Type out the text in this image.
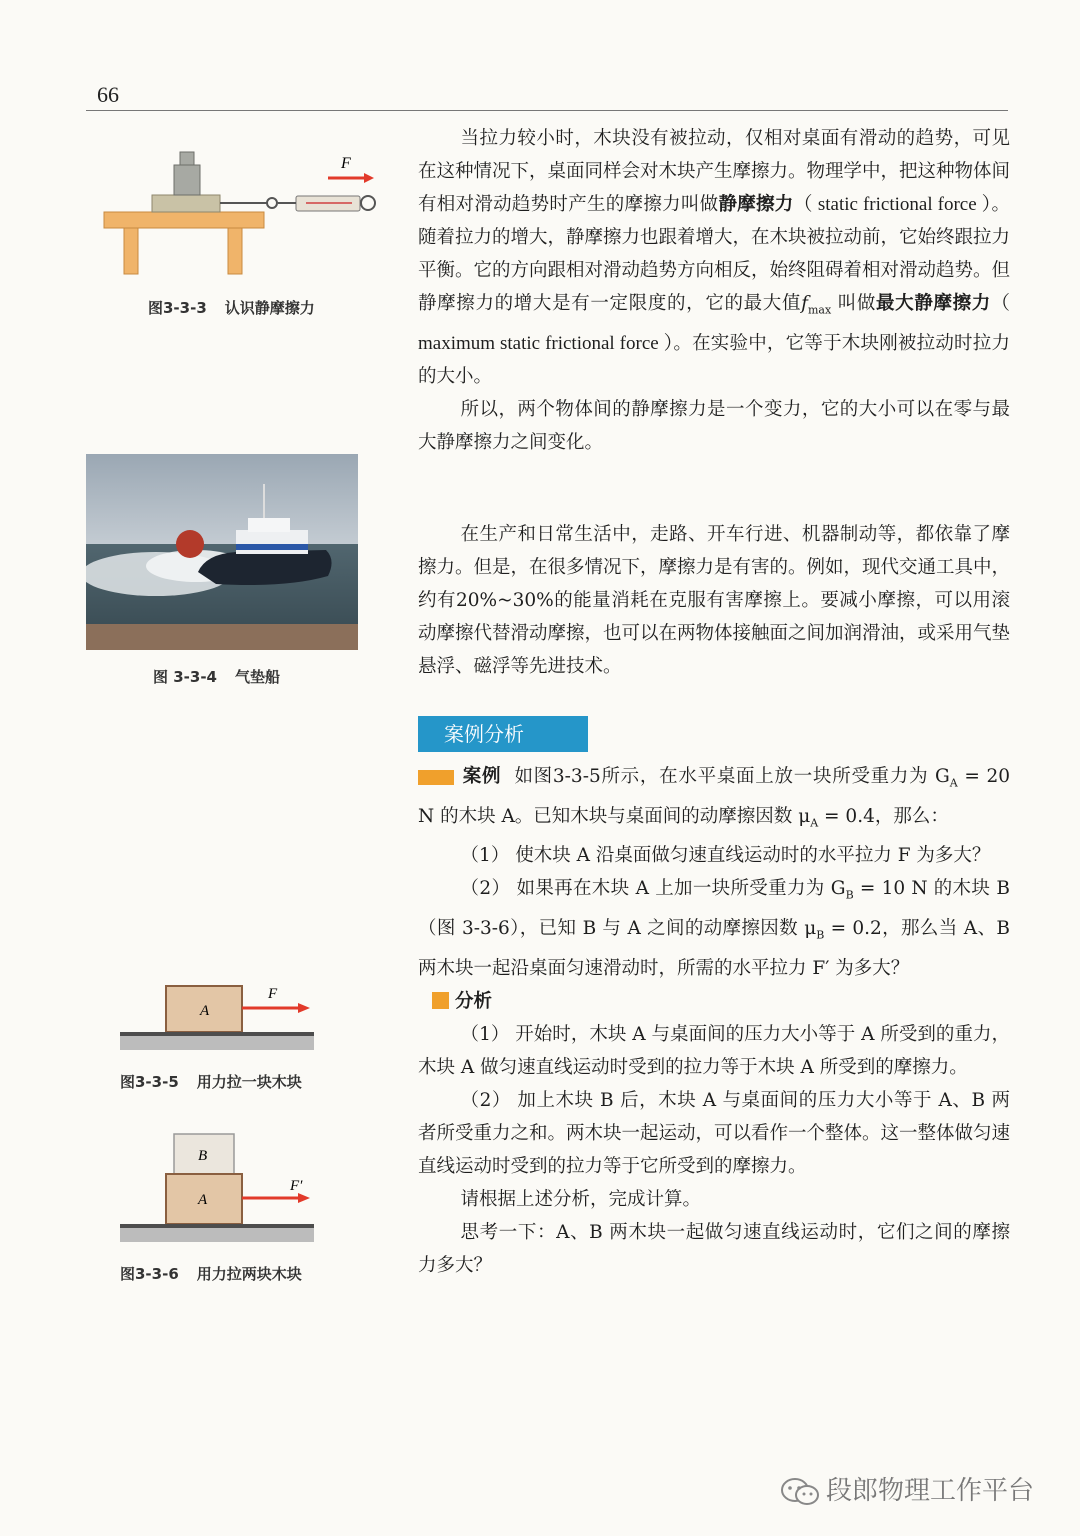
66
F
图3-3-3 认识静摩擦力
图 3-3-4 气垫船
A
F
图3-3-5 用力拉一块木块
B
A
F′
图3-3-6 用力拉两块木块

当拉力较小时，木块没有被拉动，仅相对桌面有滑动的趋势，可见在这种情况下，桌面同样会对木块产生摩擦力。物理学中，把这种物体间有相对滑动趋势时产生的摩擦力叫做静摩擦力（ static frictional force ）。随着拉力的增大，静摩擦力也跟着增大，在木块被拉动前，它始终跟拉力平衡。它的方向跟相对滑动趋势方向相反，始终阻碍着相对滑动趋势。但静摩擦力的增大是有一定限度的，它的最大值$f_{max}$ 叫做最大静摩擦力（ maximum static frictional force ）。在实验中，它等于木块刚被拉动时拉力的大小。

所以，两个物体间的静摩擦力是一个变力，它的大小可以在零与最大静摩擦力之间变化。

在生产和日常生活中，走路、开车行进、机器制动等，都依靠了摩擦力。但是，在很多情况下，摩擦力是有害的。例如，现代交通工具中，约有20%~30%的能量消耗在克服有害摩擦上。要减小摩擦，可以用滚动摩擦代替滑动摩擦，也可以在两物体接触面之间加润滑油，或采用气垫悬浮、磁浮等先进技术。

案例分析

案例 如图3-3-5所示，在水平桌面上放一块所受重力为 $G_A = 20$ N 的木块 A。已知木块与桌面间的动摩擦因数 $\mu_A = 0.4$，那么：

（1） 使木块 A 沿桌面做匀速直线运动时的水平拉力 F 为多大？

（2） 如果再在木块 A 上加一块所受重力为 $G_B = 10$ N 的木块 B（图 3-3-6），已知 B 与 A 之间的动摩擦因数 $\mu_B = 0.2$，那么当 A、B 两木块一起沿桌面匀速滑动时，所需的水平拉力 F′ 为多大？

分析

（1） 开始时，木块 A 与桌面间的压力大小等于 A 所受到的重力，木块 A 做匀速直线运动时受到的拉力等于木块 A 所受到的摩擦力。

（2） 加上木块 B 后，木块 A 与桌面间的压力大小等于 A、B 两者所受重力之和。两木块一起运动，可以看作一个整体。这一整体做匀速直线运动时受到的拉力等于它所受到的摩擦力。

请根据上述分析，完成计算。

思考一下：A、B 两木块一起做匀速直线运动时，它们之间的摩擦力多大？

段郎物理工作平台
